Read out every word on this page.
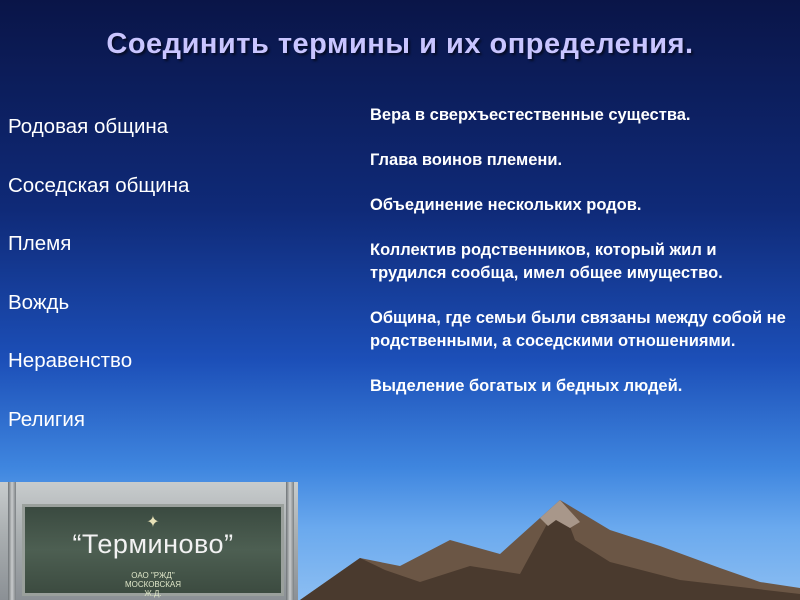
Соединить термины и их определения.
Родовая община
Соседская община
Племя
Вождь
Неравенство
Религия
Вера в сверхъестественные существа.
Глава воинов племени.
Объединение нескольких родов.
Коллектив родственников, который жил и трудился сообща, имел общее имущество.
Община, где семьи были связаны между собой не родственными, а соседскими отношениями.
Выделение богатых и бедных людей.
✦
“Терминово”
ОАО "РЖД"
МОСКОВСКАЯ
Ж.Д.
